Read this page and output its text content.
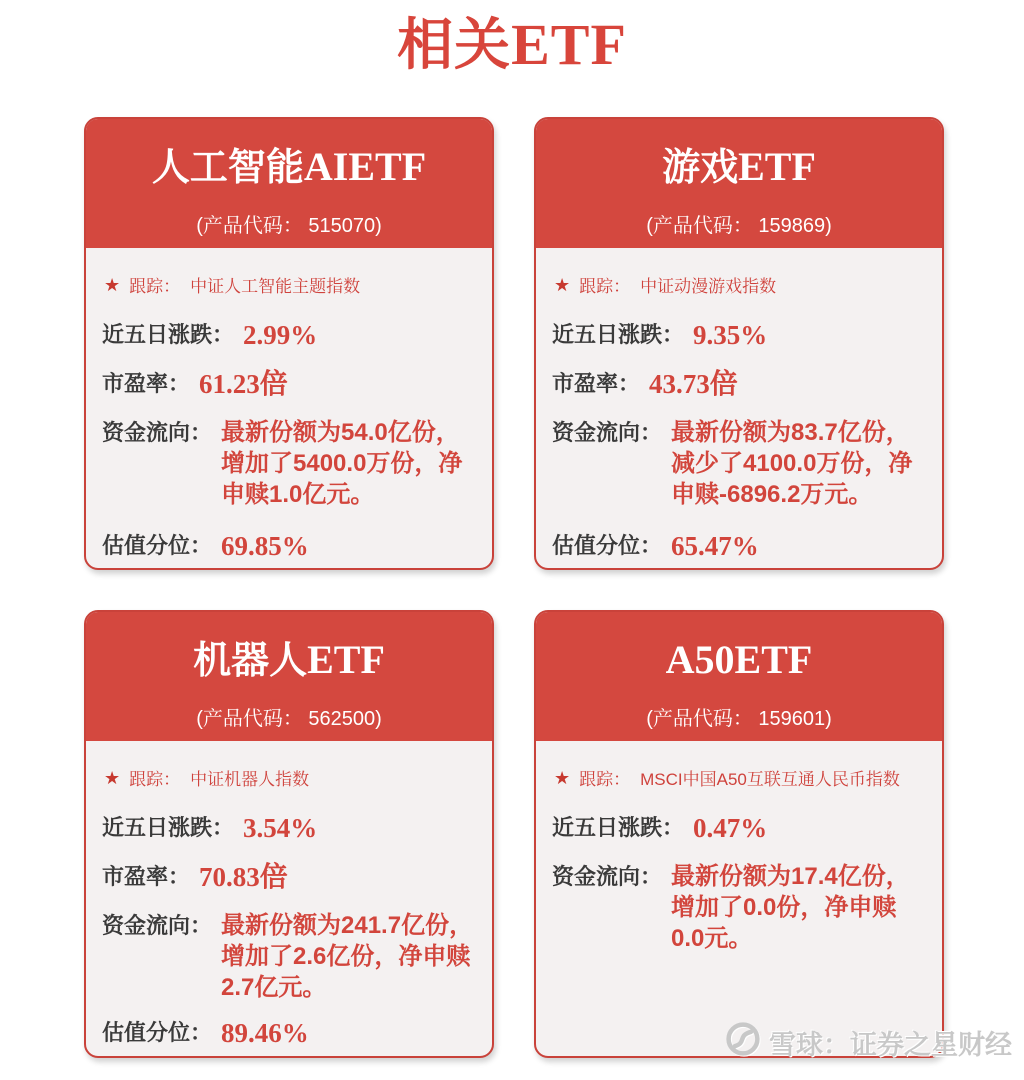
相关ETF
人工智能AIETF
(产品代码： 515070)
★ 跟踪： 中证人工智能主题指数
近五日涨跌： 2.99%
市盈率： 61.23 倍
资金流向： 最新份额为54.0亿份，增加了5400.0万份，净申赎1.0亿元。
估值分位： 69.85%
游戏ETF
(产品代码： 159869)
★ 跟踪： 中证动漫游戏指数
近五日涨跌： 9.35%
市盈率： 43.73 倍
资金流向： 最新份额为83.7亿份，减少了4100.0万份，净申赎-6896.2万元。
估值分位： 65.47%
机器人ETF
(产品代码： 562500)
★ 跟踪： 中证机器人指数
近五日涨跌： 3.54%
市盈率： 70.83 倍
资金流向： 最新份额为241.7亿份，增加了2.6亿份，净申赎2.7亿元。
估值分位： 89.46%
A50ETF
(产品代码： 159601)
★ 跟踪： MSCI中国A50互联互通人民币指数
近五日涨跌： 0.47%
资金流向： 最新份额为17.4亿份，增加了0.0份，净申赎0.0元。
雪球：证券之星财经
